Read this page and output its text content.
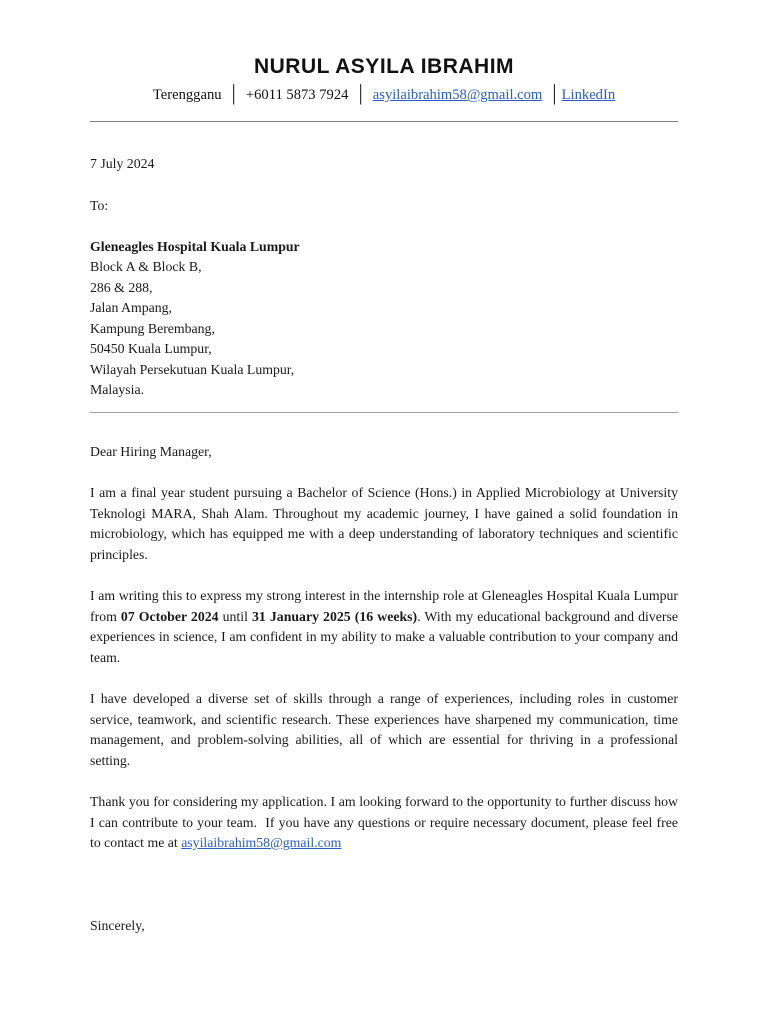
NURUL ASYILA IBRAHIM
Terengganu │ +6011 5873 7924 │ asyilaibrahim58@gmail.com │ LinkedIn
7 July 2024
To:
Gleneagles Hospital Kuala Lumpur
Block A & Block B,
286 & 288,
Jalan Ampang,
Kampung Berembang,
50450 Kuala Lumpur,
Wilayah Persekutuan Kuala Lumpur,
Malaysia.
Dear Hiring Manager,

I am a final year student pursuing a Bachelor of Science (Hons.) in Applied Microbiology at University Teknologi MARA, Shah Alam. Throughout my academic journey, I have gained a solid foundation in microbiology, which has equipped me with a deep understanding of laboratory techniques and scientific principles.

I am writing this to express my strong interest in the internship role at Gleneagles Hospital Kuala Lumpur from 07 October 2024 until 31 January 2025 (16 weeks). With my educational background and diverse experiences in science, I am confident in my ability to make a valuable contribution to your company and team.

I have developed a diverse set of skills through a range of experiences, including roles in customer service, teamwork, and scientific research. These experiences have sharpened my communication, time management, and problem-solving abilities, all of which are essential for thriving in a professional setting.

Thank you for considering my application. I am looking forward to the opportunity to further discuss how I can contribute to your team.  If you have any questions or require necessary document, please feel free to contact me at asyilaibrahim58@gmail.com

Sincerely,
